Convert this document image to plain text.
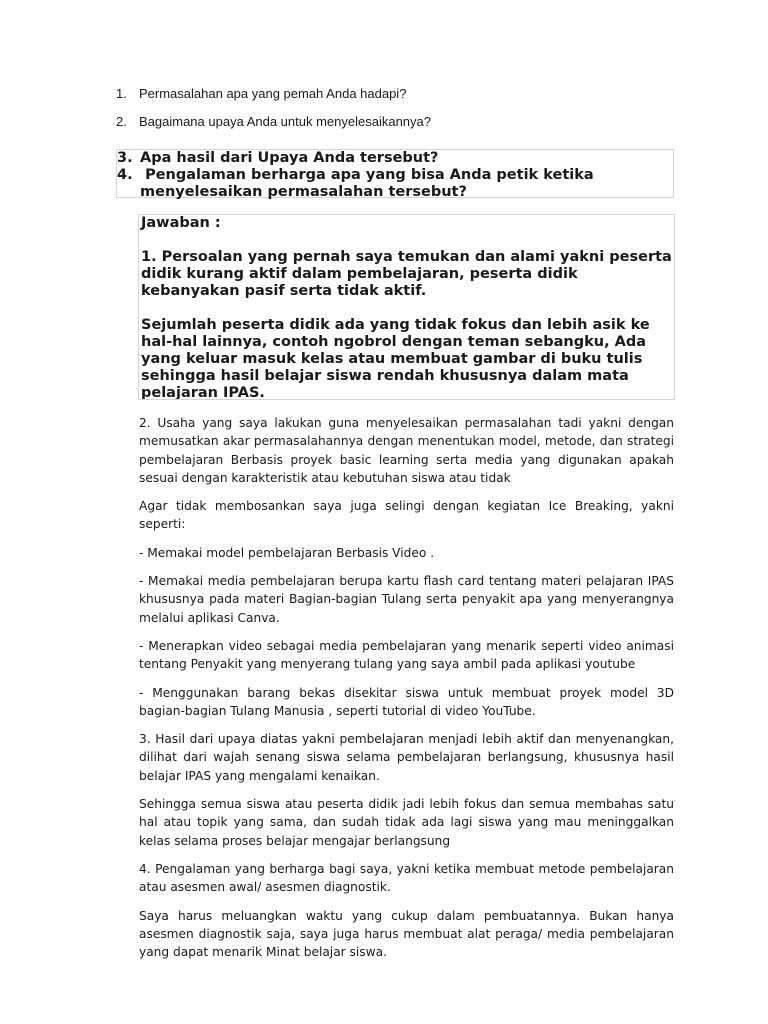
1. Permasalahan apa yang pemah Anda hadapi?
2. Bagaimana upaya Anda untuk menyelesaikannya?
3. Apa hasil dari Upaya Anda tersebut?
4. Pengalaman berharga apa yang bisa Anda petik ketika menyelesaikan permasalahan tersebut?

Jawaban :

1. Persoalan yang pernah saya temukan dan alami yakni peserta didik kurang aktif dalam pembelajaran, peserta didik kebanyakan pasif serta tidak aktif.

Sejumlah peserta didik ada yang tidak fokus dan lebih asik ke hal-hal lainnya, contoh ngobrol dengan teman sebangku, Ada yang keluar masuk kelas atau membuat gambar di buku tulis sehingga hasil belajar siswa rendah khususnya dalam mata pelajaran IPAS.

2. Usaha yang saya lakukan guna menyelesaikan permasalahan tadi yakni dengan memusatkan akar permasalahannya dengan menentukan model, metode, dan strategi pembelajaran Berbasis proyek basic learning serta media yang digunakan apakah sesuai dengan karakteristik atau kebutuhan siswa atau tidak

Agar tidak membosankan saya juga selingi dengan kegiatan Ice Breaking, yakni seperti:

- Memakai model pembelajaran Berbasis Video .

- Memakai media pembelajaran berupa kartu flash card tentang materi pelajaran IPAS khususnya pada materi Bagian-bagian Tulang serta penyakit apa yang menyerangnya melalui aplikasi Canva.

- Menerapkan video sebagai media pembelajaran yang menarik seperti video animasi tentang Penyakit yang menyerang tulang yang saya ambil pada aplikasi youtube

- Menggunakan barang bekas disekitar siswa untuk membuat proyek model 3D bagian-bagian Tulang Manusia , seperti tutorial di video YouTube.

3. Hasil dari upaya diatas yakni pembelajaran menjadi lebih aktif dan menyenangkan, dilihat dari wajah senang siswa selama pembelajaran berlangsung, khususnya hasil belajar IPAS yang mengalami kenaikan.

Sehingga semua siswa atau peserta didik jadi lebih fokus dan semua membahas satu hal atau topik yang sama, dan sudah tidak ada lagi siswa yang mau meninggalkan kelas selama proses belajar mengajar berlangsung

4. Pengalaman yang berharga bagi saya, yakni ketika membuat metode pembelajaran atau asesmen awal/ asesmen diagnostik.

Saya harus meluangkan waktu yang cukup dalam pembuatannya. Bukan hanya asesmen diagnostik saja, saya juga harus membuat alat peraga/ media pembelajaran yang dapat menarik Minat belajar siswa.
